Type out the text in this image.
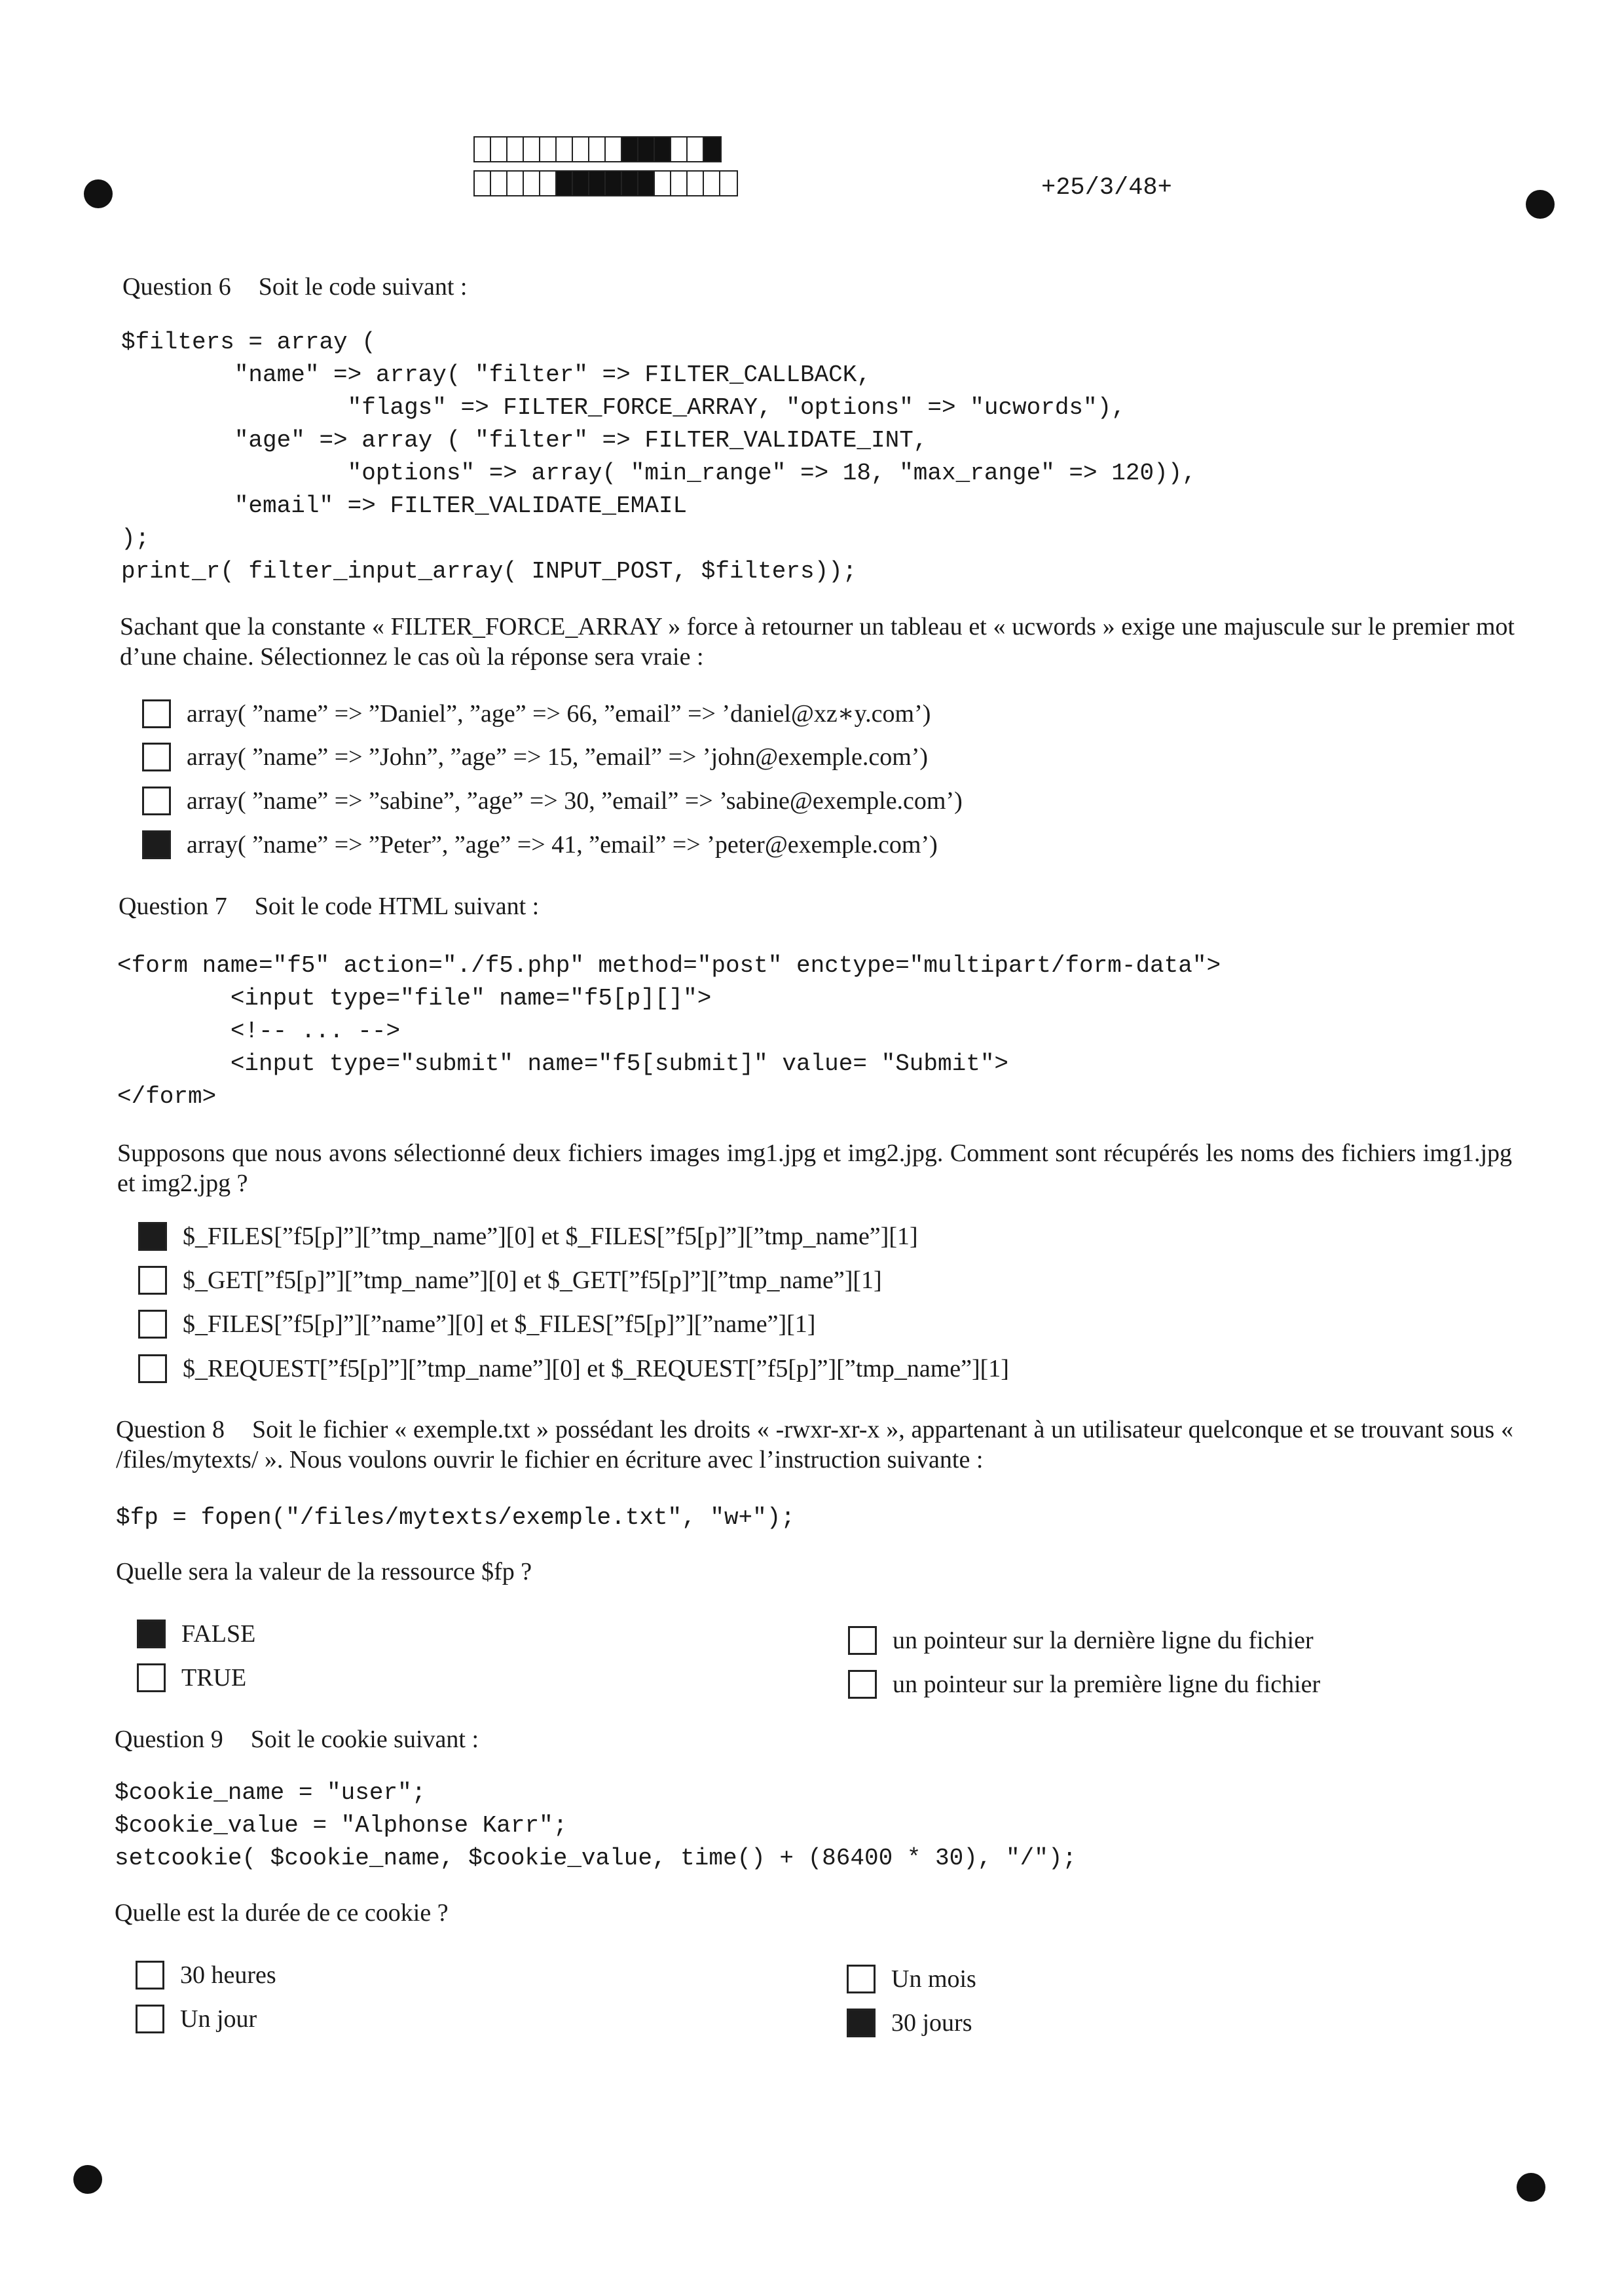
+25/3/48+
Question 6 Soit le code suivant :
$filters = array (
"name" => array( "filter" => FILTER_CALLBACK,
"flags" => FILTER_FORCE_ARRAY, "options" => "ucwords"),
"age" => array ( "filter" => FILTER_VALIDATE_INT,
"options" => array( "min_range" => 18, "max_range" => 120)),
"email" => FILTER_VALIDATE_EMAIL
);
print_r( filter_input_array( INPUT_POST, $filters));
Sachant que la constante « FILTER_FORCE_ARRAY » force à retourner un tableau et « ucwords » exige une majuscule sur le premier mot d’une chaine. Sélectionnez le cas où la réponse sera vraie :
array( ”name” => ”Daniel”, ”age” => 66, ”email” => ’daniel@xz∗y.com’)
array( ”name” => ”John”, ”age” => 15, ”email” => ’john@exemple.com’)
array( ”name” => ”sabine”, ”age” => 30, ”email” => ’sabine@exemple.com’)
array( ”name” => ”Peter”, ”age” => 41, ”email” => ’peter@exemple.com’)
Question 7 Soit le code HTML suivant :
<form name="f5" action="./f5.php" method="post" enctype="multipart/form-data">
<input type="file" name="f5[p][]">
<!-- ... -->
<input type="submit" name="f5[submit]" value= "Submit">
</form>
Supposons que nous avons sélectionné deux fichiers images img1.jpg et img2.jpg. Comment sont récupérés les noms des fichiers img1.jpg et img2.jpg ?
$_FILES[”f5[p]”][”tmp_name”][0] et $_FILES[”f5[p]”][”tmp_name”][1]
$_GET[”f5[p]”][”tmp_name”][0] et $_GET[”f5[p]”][”tmp_name”][1]
$_FILES[”f5[p]”][”name”][0] et $_FILES[”f5[p]”][”name”][1]
$_REQUEST[”f5[p]”][”tmp_name”][0] et $_REQUEST[”f5[p]”][”tmp_name”][1]
Question 8 Soit le fichier « exemple.txt » possédant les droits « -rwxr-xr-x », appartenant à un utilisateur quelconque et se trouvant sous « /files/mytexts/ ». Nous voulons ouvrir le fichier en écriture avec l’instruction suivante :
$fp = fopen("/files/mytexts/exemple.txt", "w+");
Quelle sera la valeur de la ressource $fp ?
FALSE
TRUE
un pointeur sur la dernière ligne du fichier
un pointeur sur la première ligne du fichier
Question 9 Soit le cookie suivant :
$cookie_name = "user";
$cookie_value = "Alphonse Karr";
setcookie( $cookie_name, $cookie_value, time() + (86400 * 30), "/");
Quelle est la durée de ce cookie ?
30 heures
Un jour
Un mois
30 jours
